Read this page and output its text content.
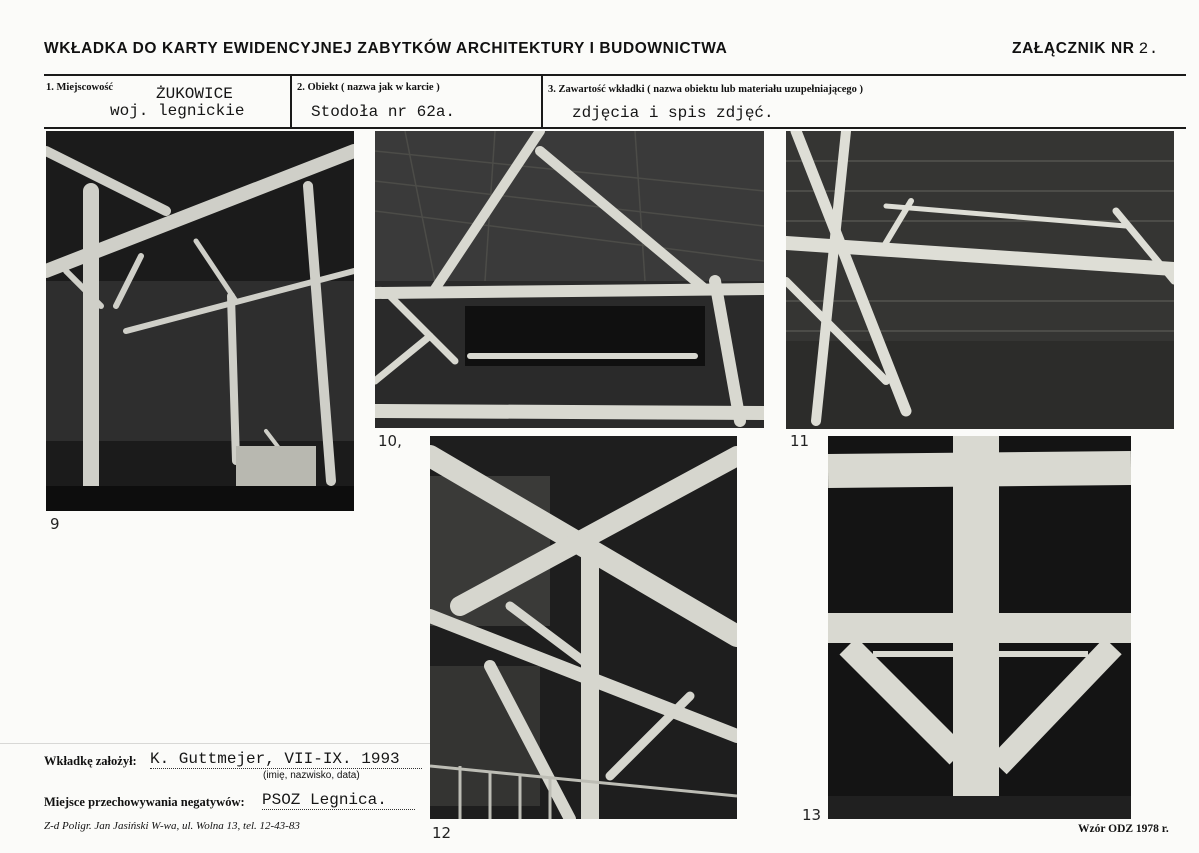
WKŁADKA DO KARTY EWIDENCYJNEJ ZABYTKÓW ARCHITEKTURY I BUDOWNICTWA	ZAŁĄCZNIK NR 2.
1. Miejscowość	ŻUKOWICE
woj. legnickie
2. Obiekt ( nazwa jak w karcie )
Stodoła nr 62a.
3. Zawartość wkładki ( nazwa obiektu lub materiału uzupełniającego )
zdjęcia i spis zdjęć.
9
10,	11
12
13
Wkładkę założył: K. Guttmejer, VII-IX. 1993
(imię, nazwisko, data)
Miejsce przechowywania negatywów: PSOZ Legnica.
Z-d Poligr. Jan Jasiński W-wa, ul. Wolna 13, tel. 12-43-83	Wzór ODZ 1978 r.
